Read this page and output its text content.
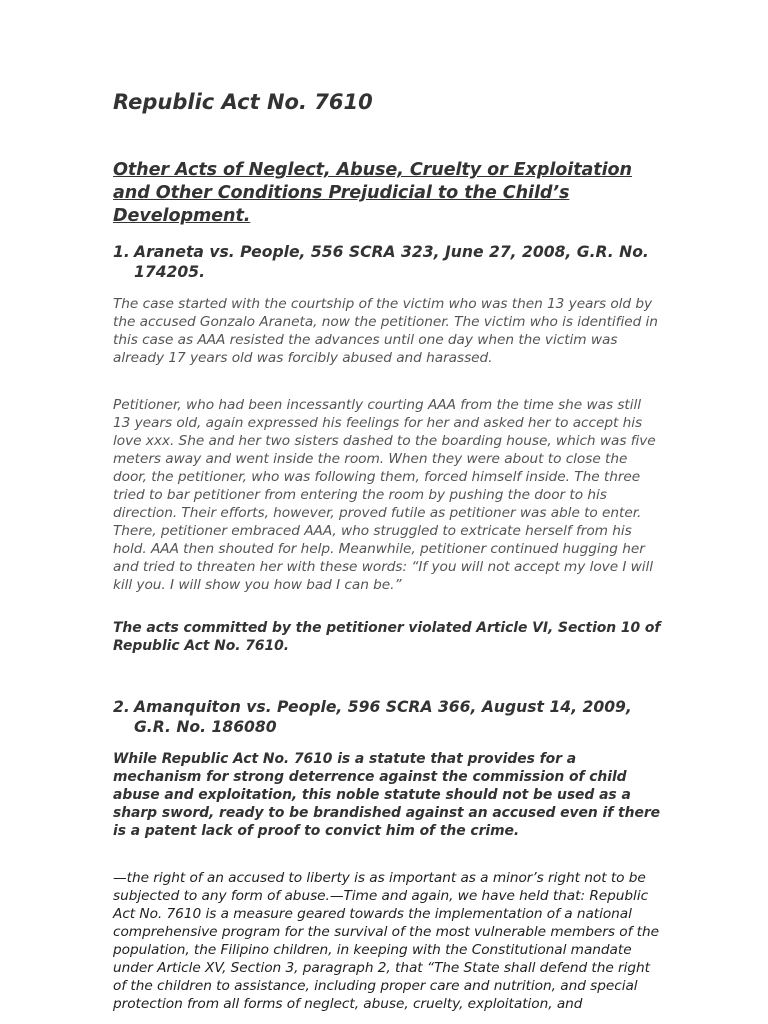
Republic Act No. 7610
Other Acts of Neglect, Abuse, Cruelty or Exploitation and Other Conditions Prejudicial to the Child’s Development.
1. Araneta vs. People, 556 SCRA 323, June 27, 2008, G.R. No. 174205.

The case started with the courtship of the victim who was then 13 years old by the accused Gonzalo Araneta, now the petitioner. The victim who is identified in this case as AAA resisted the advances until one day when the victim was already 17 years old was forcibly abused and harassed.

Petitioner, who had been incessantly courting AAA from the time she was still 13 years old, again expressed his feelings for her and asked her to accept his love xxx. She and her two sisters dashed to the boarding house, which was five meters away and went inside the room. When they were about to close the door, the petitioner, who was following them, forced himself inside. The three tried to bar petitioner from entering the room by pushing the door to his direction. Their efforts, however, proved futile as petitioner was able to enter. There, petitioner embraced AAA, who struggled to extricate herself from his hold. AAA then shouted for help. Meanwhile, petitioner continued hugging her and tried to threaten her with these words: “If you will not accept my love I will kill you. I will show you how bad I can be.”

The acts committed by the petitioner violated Article VI, Section 10 of Republic Act No. 7610.

2. Amanquiton vs. People, 596 SCRA 366, August 14, 2009, G.R. No. 186080

While Republic Act No. 7610 is a statute that provides for a mechanism for strong deterrence against the commission of child abuse and exploitation, this noble statute should not be used as a sharp sword, ready to be brandished against an accused even if there is a patent lack of proof to convict him of the crime.

—the right of an accused to liberty is as important as a minor’s right not to be subjected to any form of abuse.—Time and again, we have held that: Republic Act No. 7610 is a measure geared towards the implementation of a national comprehensive program for the survival of the most vulnerable members of the population, the Filipino children, in keeping with the Constitutional mandate under Article XV, Section 3, paragraph 2, that “The State shall defend the right of the children to assistance, including proper care and nutrition, and special protection from all forms of neglect, abuse, cruelty, exploitation, and
